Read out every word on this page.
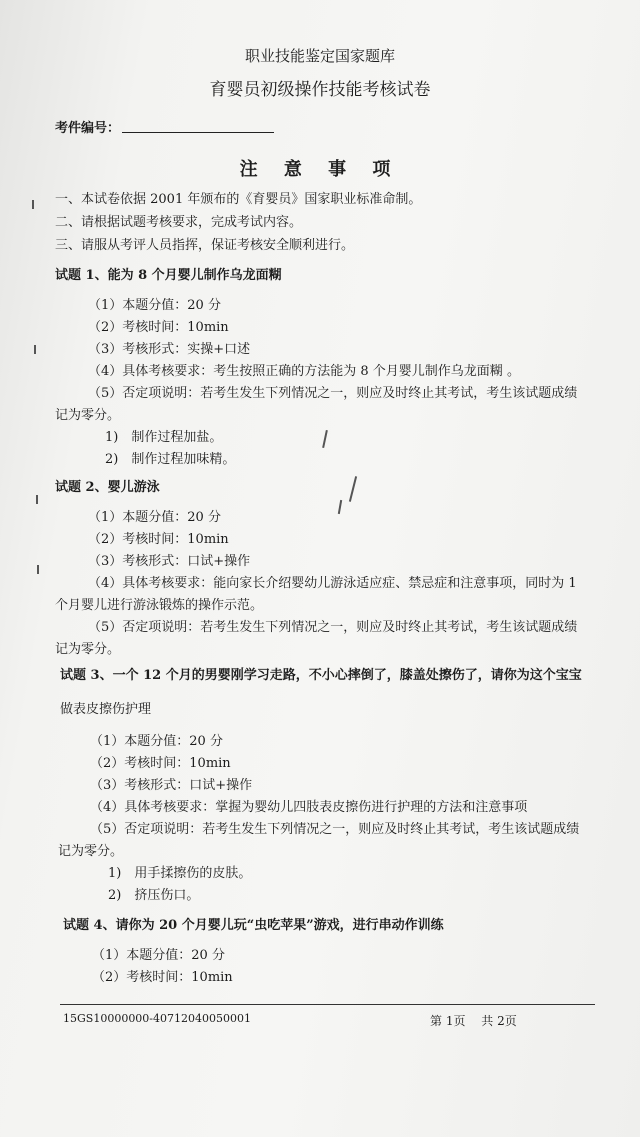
职业技能鉴定国家题库
育婴员初级操作技能考核试卷
考件编号：
注 意 事 项
一、本试卷依据 2001 年颁布的《育婴员》国家职业标准命制。
二、请根据试题考核要求，完成考试内容。
三、请服从考评人员指挥，保证考核安全顺利进行。
试题 1、能为 8 个月婴儿制作乌龙面糊
（1）本题分值：20 分
（2）考核时间：10min
（3）考核形式：实操+口述
（4）具体考核要求：考生按照正确的方法能为 8 个月婴儿制作乌龙面糊 。
（5）否定项说明：若考生发生下列情况之一，则应及时终止其考试，考生该试题成绩
记为零分。
1)　制作过程加盐。
2)　制作过程加味精。
试题 2、婴儿游泳
（1）本题分值：20 分
（2）考核时间：10min
（3）考核形式：口试+操作
（4）具体考核要求：能向家长介绍婴幼儿游泳适应症、禁忌症和注意事项，同时为 1
个月婴儿进行游泳锻炼的操作示范。
（5）否定项说明：若考生发生下列情况之一，则应及时终止其考试，考生该试题成绩
记为零分。
试题 3、一个 12 个月的男婴刚学习走路，不小心摔倒了，膝盖处擦伤了，请你为这个宝宝
做表皮擦伤护理
（1）本题分值：20 分
（2）考核时间：10min
（3）考核形式：口试+操作
（4）具体考核要求：掌握为婴幼儿四肢表皮擦伤进行护理的方法和注意事项
（5）否定项说明：若考生发生下列情况之一，则应及时终止其考试，考生该试题成绩
记为零分。
1)　用手揉擦伤的皮肤。
2)　挤压伤口。
试题 4、请你为 20 个月婴儿玩“虫吃苹果”游戏，进行串动作训练
（1）本题分值：20 分
（2）考核时间：10min
15GS10000000-40712040050001	第 1页　 共 2页
